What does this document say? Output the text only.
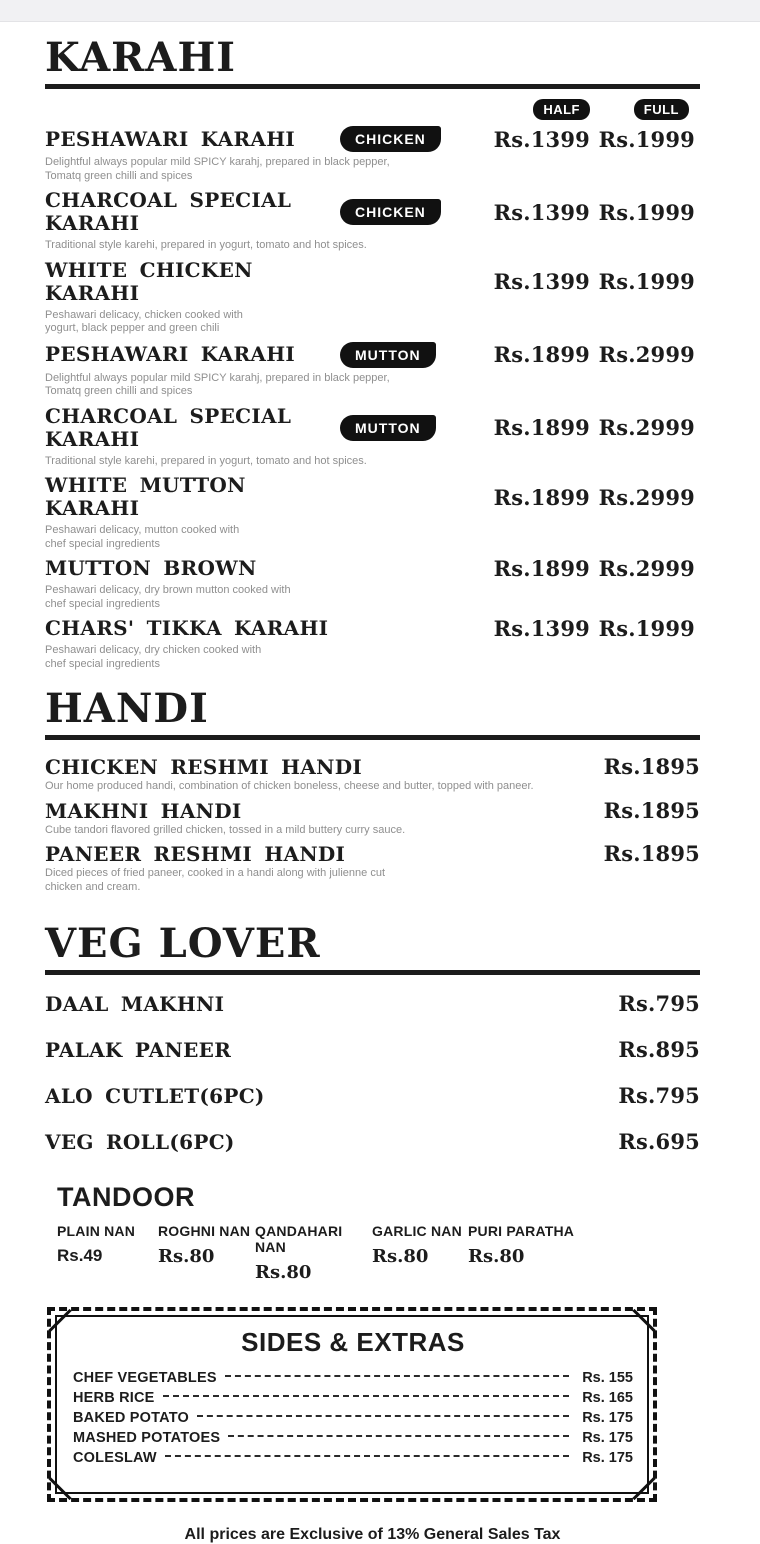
KARAHI
HALF	FULL
PESHAWARI KARAHI	CHICKEN	Rs.1399 Rs.1999
Delightful always popular mild SPICY karahj, prepared in black pepper,
Tomatq green chilli and spices
CHARCOAL SPECIAL KARAHI	CHICKEN	Rs.1399 Rs.1999
Traditional style karehi, prepared in yogurt, tomato and hot spices.
WHITE CHICKEN KARAHI	Rs.1399 Rs.1999
Peshawari delicacy, chicken cooked with
yogurt, black pepper and green chili
PESHAWARI KARAHI	MUTTON	Rs.1899 Rs.2999
Delightful always popular mild SPICY karahj, prepared in black pepper,
Tomatq green chilli and spices
CHARCOAL SPECIAL KARAHI	MUTTON	Rs.1899 Rs.2999
Traditional style karehi, prepared in yogurt, tomato and hot spices.
WHITE MUTTON KARAHI	Rs.1899 Rs.2999
Peshawari delicacy, mutton cooked with
chef special ingredients
MUTTON BROWN	Rs.1899 Rs.2999
Peshawari delicacy, dry brown mutton cooked with
chef special ingredients
CHARS' TIKKA KARAHI	Rs.1399 Rs.1999
Peshawari delicacy, dry chicken cooked with
chef special ingredients
HANDI
CHICKEN RESHMI HANDI	Rs.1895
Our home produced handi, combination of chicken boneless, cheese and butter, topped with paneer.
MAKHNI HANDI	Rs.1895
Cube tandori flavored grilled chicken, tossed in a mild buttery curry sauce.
PANEER RESHMI HANDI	Rs.1895
Diced pieces of fried paneer, cooked in a handi along with julienne cut
chicken and cream.
VEG LOVER
DAAL MAKHNI	Rs.795
PALAK PANEER	Rs.895
ALO CUTLET(6PC)	Rs.795
VEG ROLL(6PC)	Rs.695
TANDOOR
PLAIN NAN
Rs.49
ROGHNI NAN
Rs.80
QANDAHARI NAN
Rs.80
GARLIC NAN
Rs.80
PURI PARATHA
Rs.80
SIDES & EXTRAS
CHEF VEGETABLES	Rs. 155
HERB RICE	Rs. 165
BAKED POTATO	Rs. 175
MASHED POTATOES	Rs. 175
COLESLAW	Rs. 175
All prices are Exclusive of 13% General Sales Tax
